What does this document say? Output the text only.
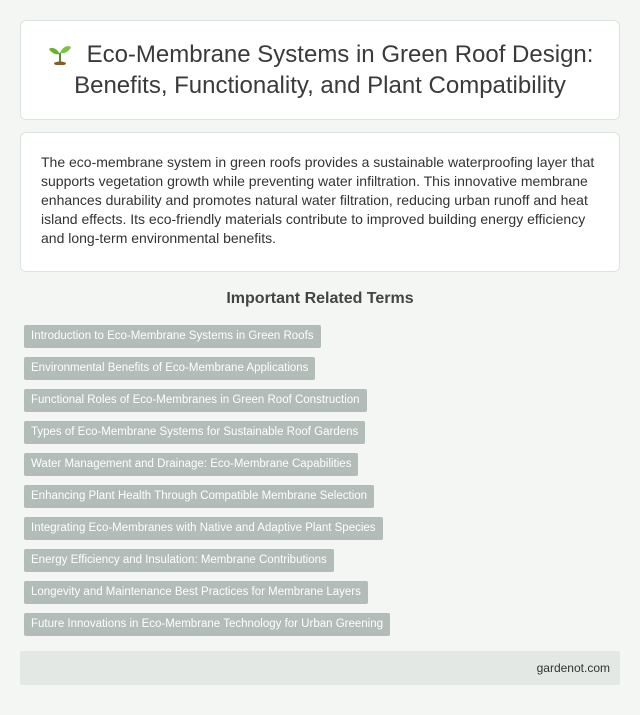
Eco-Membrane Systems in Green Roof Design: Benefits, Functionality, and Plant Compatibility

The eco-membrane system in green roofs provides a sustainable waterproofing layer that supports vegetation growth while preventing water infiltration. This innovative membrane enhances durability and promotes natural water filtration, reducing urban runoff and heat island effects. Its eco-friendly materials contribute to improved building energy efficiency and long-term environmental benefits.

Important Related Terms
Introduction to Eco-Membrane Systems in Green Roofs
Environmental Benefits of Eco-Membrane Applications
Functional Roles of Eco-Membranes in Green Roof Construction
Types of Eco-Membrane Systems for Sustainable Roof Gardens
Water Management and Drainage: Eco-Membrane Capabilities
Enhancing Plant Health Through Compatible Membrane Selection
Integrating Eco-Membranes with Native and Adaptive Plant Species
Energy Efficiency and Insulation: Membrane Contributions
Longevity and Maintenance Best Practices for Membrane Layers
Future Innovations in Eco-Membrane Technology for Urban Greening
gardenot.com
